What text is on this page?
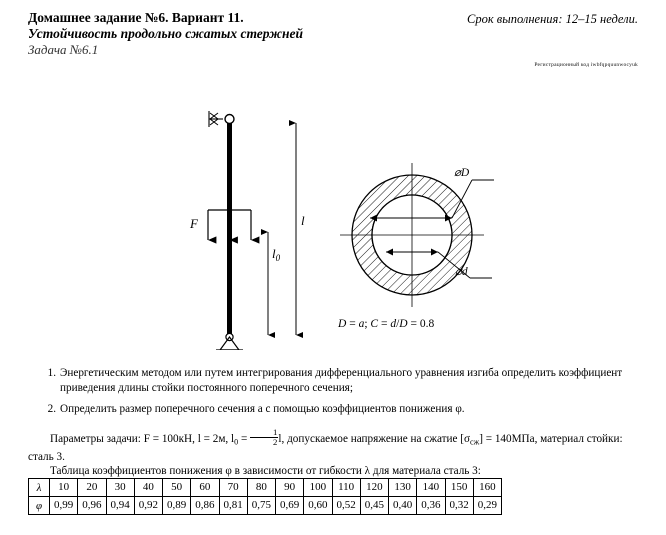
Домашнее задание №6. Вариант 11.
Устойчивость продольно сжатых стержней
Задача №6.1
Срок выполнения: 12–15 недели.
Регистрационный код iwbfqpquunwocyuk
F	l
$l_0$
⌀D
⌀d
D = a; C = d/D = 0.8
1. Энергетическим методом или путем интегрирования дифференциального уравнения изгиба определить коэффициент приведения длины стойки постоянного поперечного сечения;
2. Определить размер поперечного сечения a с помощью коэффициентов понижения φ.
Параметры задачи: F = 100кН, l = 2м, $l_0 = \frac{1}{2} l$, допускаемое напряжение на сжатие $[\sigma_{сж}] = 140МПа$, материал стойки: сталь 3.
Таблица коэффициентов понижения φ в зависимости от гибкости λ для материала сталь 3:
λ	10	20	30	40	50	60	70	80	90	100	110	120	130	140	150	160
φ	0,99	0,96	0,94	0,92	0,89	0,86	0,81	0,75	0,69	0,60	0,52	0,45	0,40	0,36	0,32	0,29
